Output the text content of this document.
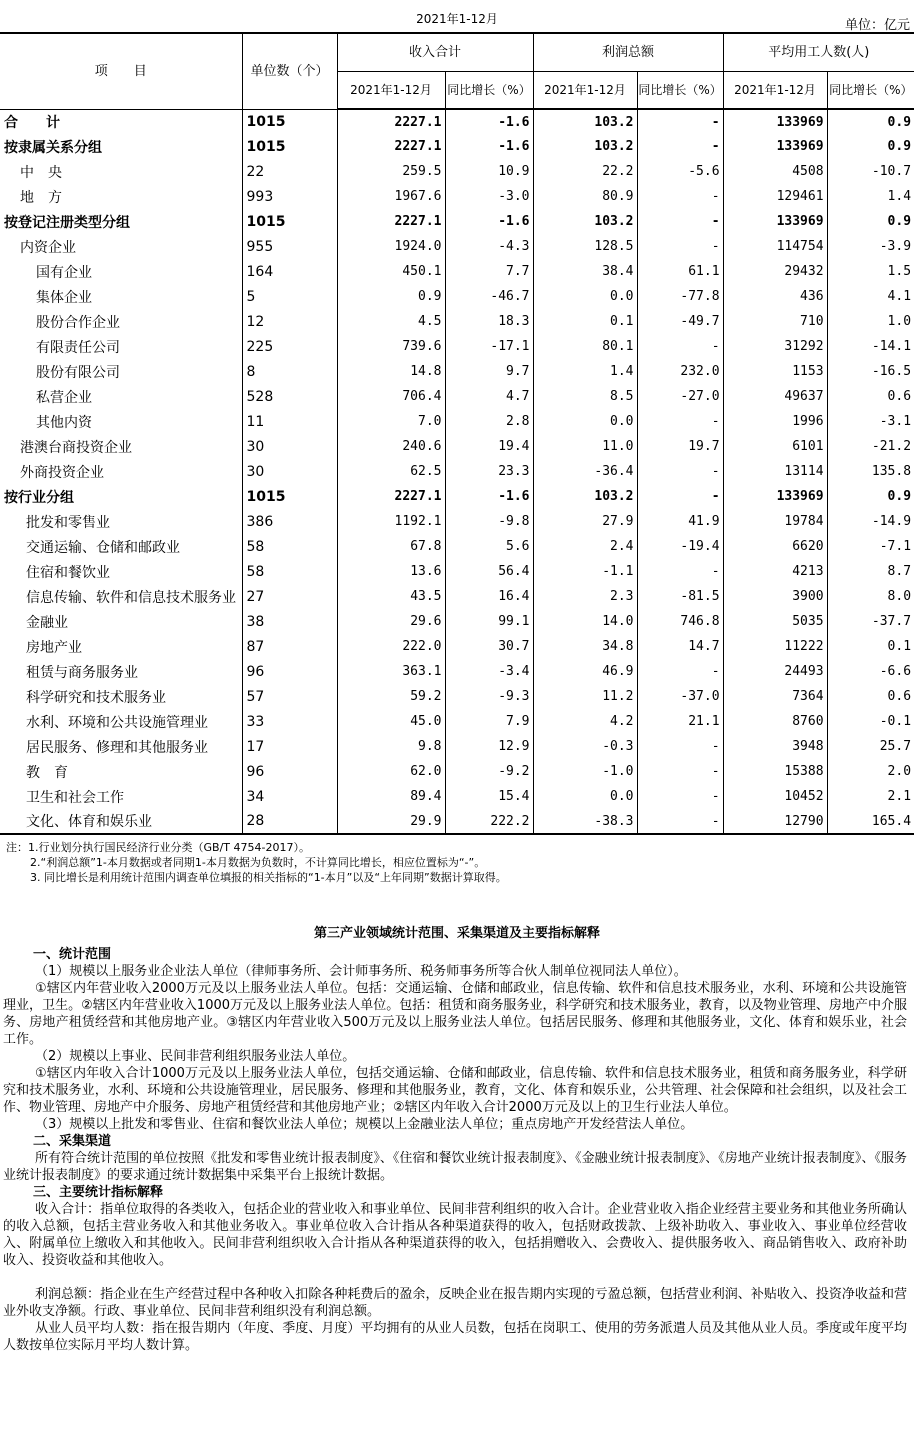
2021年1-12月	单位：亿元
项　　目	单位数（个）	收入合计		利润总额		平均用工人数(人)	
		2021年1-12月	同比增长（%）	2021年1-12月	同比增长（%）	2021年1-12月	同比增长（%）
合　　计	1015	2227.1	-1.6	103.2	-	133969	0.9
按隶属关系分组	1015	2227.1	-1.6	103.2	-	133969	0.9
中　央	22	259.5	10.9	22.2	-5.6	4508	-10.7
地　方	993	1967.6	-3.0	80.9	-	129461	1.4
按登记注册类型分组	1015	2227.1	-1.6	103.2	-	133969	0.9
内资企业	955	1924.0	-4.3	128.5	-	114754	-3.9
国有企业	164	450.1	7.7	38.4	61.1	29432	1.5
集体企业	5	0.9	-46.7	0.0	-77.8	436	4.1
股份合作企业	12	4.5	18.3	0.1	-49.7	710	1.0
有限责任公司	225	739.6	-17.1	80.1	-	31292	-14.1
股份有限公司	8	14.8	9.7	1.4	232.0	1153	-16.5
私营企业	528	706.4	4.7	8.5	-27.0	49637	0.6
其他内资	11	7.0	2.8	0.0	-	1996	-3.1
港澳台商投资企业	30	240.6	19.4	11.0	19.7	6101	-21.2
外商投资企业	30	62.5	23.3	-36.4	-	13114	135.8
按行业分组	1015	2227.1	-1.6	103.2	-	133969	0.9
批发和零售业	386	1192.1	-9.8	27.9	41.9	19784	-14.9
交通运输、仓储和邮政业	58	67.8	5.6	2.4	-19.4	6620	-7.1
住宿和餐饮业	58	13.6	56.4	-1.1	-	4213	8.7
信息传输、软件和信息技术服务业	27	43.5	16.4	2.3	-81.5	3900	8.0
金融业	38	29.6	99.1	14.0	746.8	5035	-37.7
房地产业	87	222.0	30.7	34.8	14.7	11222	0.1
租赁与商务服务业	96	363.1	-3.4	46.9	-	24493	-6.6
科学研究和技术服务业	57	59.2	-9.3	11.2	-37.0	7364	0.6
水利、环境和公共设施管理业	33	45.0	7.9	4.2	21.1	8760	-0.1
居民服务、修理和其他服务业	17	9.8	12.9	-0.3	-	3948	25.7
教　育	96	62.0	-9.2	-1.0	-	15388	2.0
卫生和社会工作	34	89.4	15.4	0.0	-	10452	2.1
文化、体育和娱乐业	28	29.9	222.2	-38.3	-	12790	165.4
注：1.行业划分执行国民经济行业分类（GB/T 4754-2017）。
2.“利润总额”1-本月数据或者同期1-本月数据为负数时，不计算同比增长，相应位置标为“-”。
3. 同比增长是利用统计范围内调查单位填报的相关指标的“1-本月”以及“上年同期”数据计算取得。
第三产业领域统计范围、采集渠道及主要指标解释

一、统计范围

（1）规模以上服务业企业法人单位（律师事务所、会计师事务所、税务师事务所等合伙人制单位视同法人单位）。

①辖区内年营业收入2000万元及以上服务业法人单位。包括：交通运输、仓储和邮政业，信息传输、软件和信息技术服务业，水利、环境和公共设施管理业，卫生。②辖区内年营业收入1000万元及以上服务业法人单位。包括：租赁和商务服务业，科学研究和技术服务业，教育，以及物业管理、房地产中介服务、房地产租赁经营和其他房地产业。③辖区内年营业收入500万元及以上服务业法人单位。包括居民服务、修理和其他服务业，文化、体育和娱乐业，社会工作。

（2）规模以上事业、民间非营利组织服务业法人单位。

①辖区内年收入合计1000万元及以上服务业法人单位，包括交通运输、仓储和邮政业，信息传输、软件和信息技术服务业，租赁和商务服务业，科学研究和技术服务业，水利、环境和公共设施管理业，居民服务、修理和其他服务业，教育，文化、体育和娱乐业，公共管理、社会保障和社会组织，以及社会工作、物业管理、房地产中介服务、房地产租赁经营和其他房地产业；②辖区内年收入合计2000万元及以上的卫生行业法人单位。

（3）规模以上批发和零售业、住宿和餐饮业法人单位；规模以上金融业法人单位；重点房地产开发经营法人单位。

二、采集渠道

所有符合统计范围的单位按照《批发和零售业统计报表制度》、《住宿和餐饮业统计报表制度》、《金融业统计报表制度》、《房地产业统计报表制度》、《服务业统计报表制度》的要求通过统计数据集中采集平台上报统计数据。

三、主要统计指标解释

收入合计：指单位取得的各类收入，包括企业的营业收入和事业单位、民间非营利组织的收入合计。企业营业收入指企业经营主要业务和其他业务所确认的收入总额，包括主营业务收入和其他业务收入。事业单位收入合计指从各种渠道获得的收入，包括财政拨款、上级补助收入、事业收入、事业单位经营收入、附属单位上缴收入和其他收入。民间非营利组织收入合计指从各种渠道获得的收入，包括捐赠收入、会费收入、提供服务收入、商品销售收入、政府补助收入、投资收益和其他收入。

利润总额：指企业在生产经营过程中各种收入扣除各种耗费后的盈余，反映企业在报告期内实现的亏盈总额，包括营业利润、补贴收入、投资净收益和营业外收支净额。行政、事业单位、民间非营利组织没有利润总额。

从业人员平均人数：指在报告期内（年度、季度、月度）平均拥有的从业人员数，包括在岗职工、使用的劳务派遣人员及其他从业人员。季度或年度平均人数按单位实际月平均人数计算。
